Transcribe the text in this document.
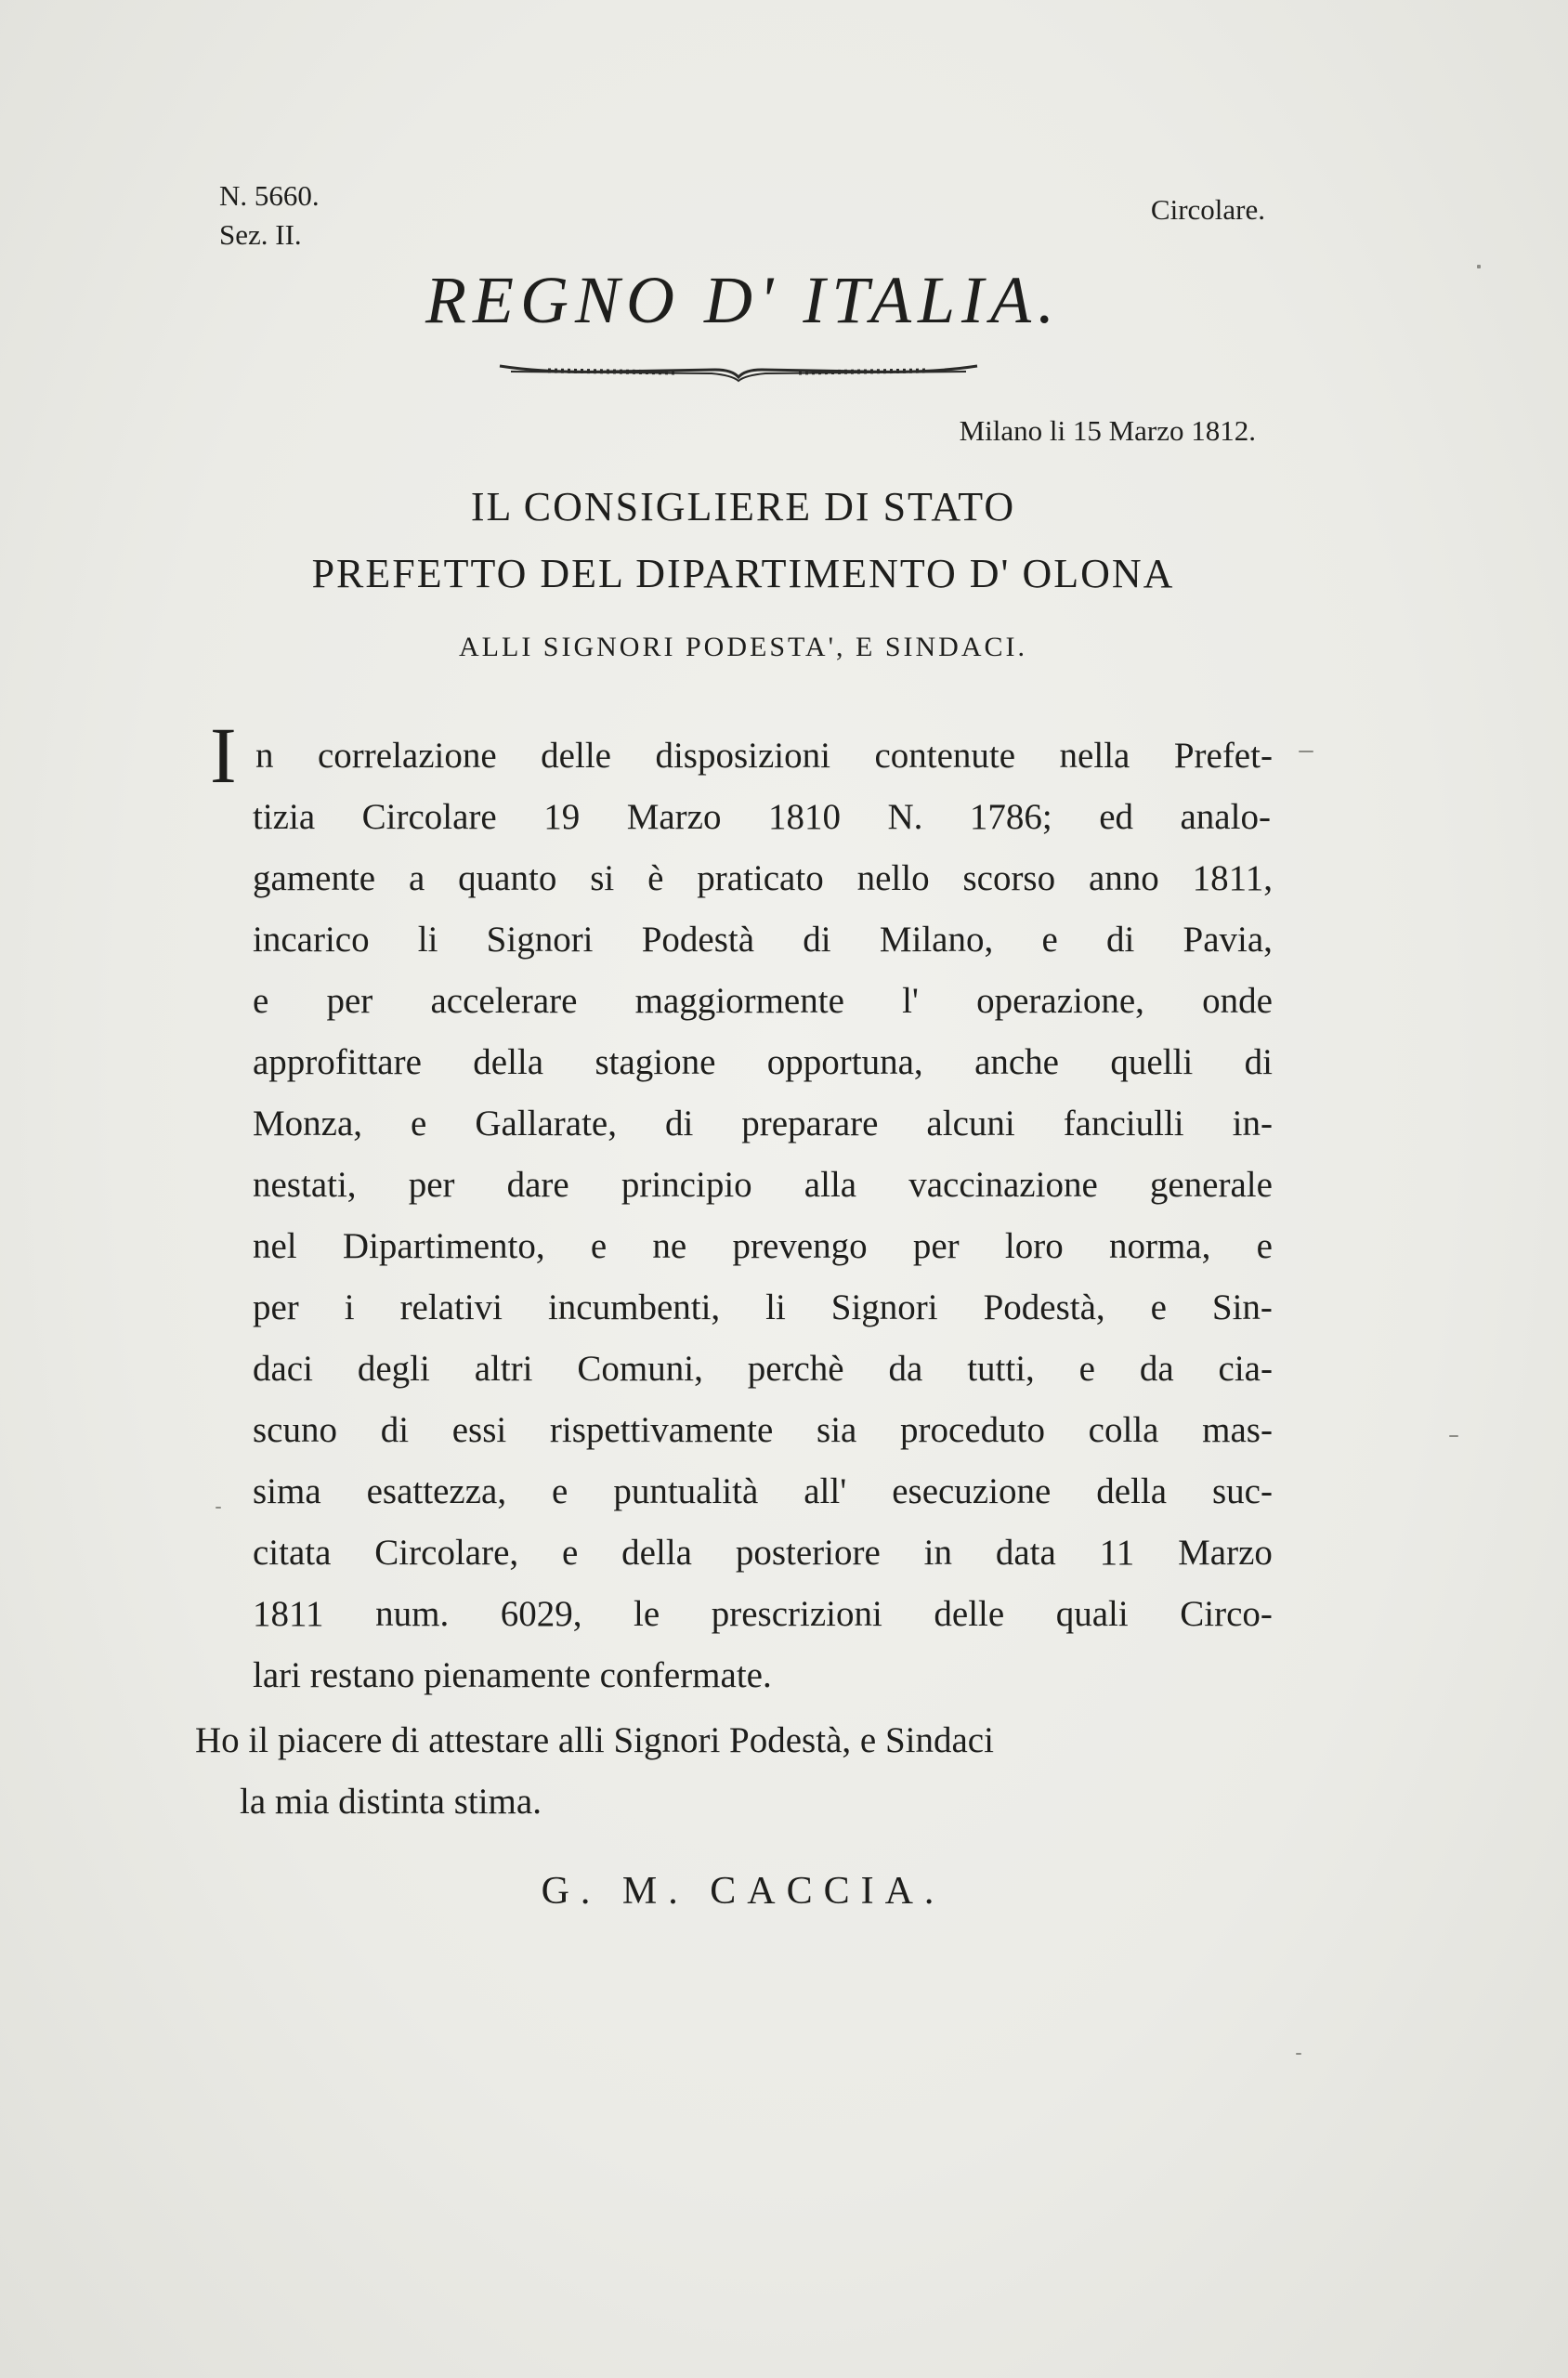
N. 5660.
Sez. II.
Circolare.
REGNO D' ITALIA.
Milano li 15 Marzo 1812.
IL CONSIGLIERE DI STATO
PREFETTO DEL DIPARTIMENTO D' OLONA
ALLI SIGNORI PODESTA', E SINDACI.
I n correlazione delle disposizioni contenute nella Prefet-
tizia Circolare 19 Marzo 1810 N. 1786; ed analo-
gamente a quanto si è praticato nello scorso anno 1811,
incarico li Signori Podestà di Milano, e di Pavia,
e per accelerare maggiormente l' operazione, onde
approfittare della stagione opportuna, anche quelli di
Monza, e Gallarate, di preparare alcuni fanciulli in-
nestati, per dare principio alla vaccinazione generale
nel Dipartimento, e ne prevengo per loro norma, e
per i relativi incumbenti, li Signori Podestà, e Sin-
daci degli altri Comuni, perchè da tutti, e da cia-
scuno di essi rispettivamente sia proceduto colla mas-
sima esattezza, e puntualità all' esecuzione della suc-
citata Circolare, e della posteriore in data 11 Marzo
1811 num. 6029, le prescrizioni delle quali Circo-
lari restano pienamente confermate.
Ho il piacere di attestare alli Signori Podestà, e Sindaci
la mia distinta stima.
G. M. CACCIA.
